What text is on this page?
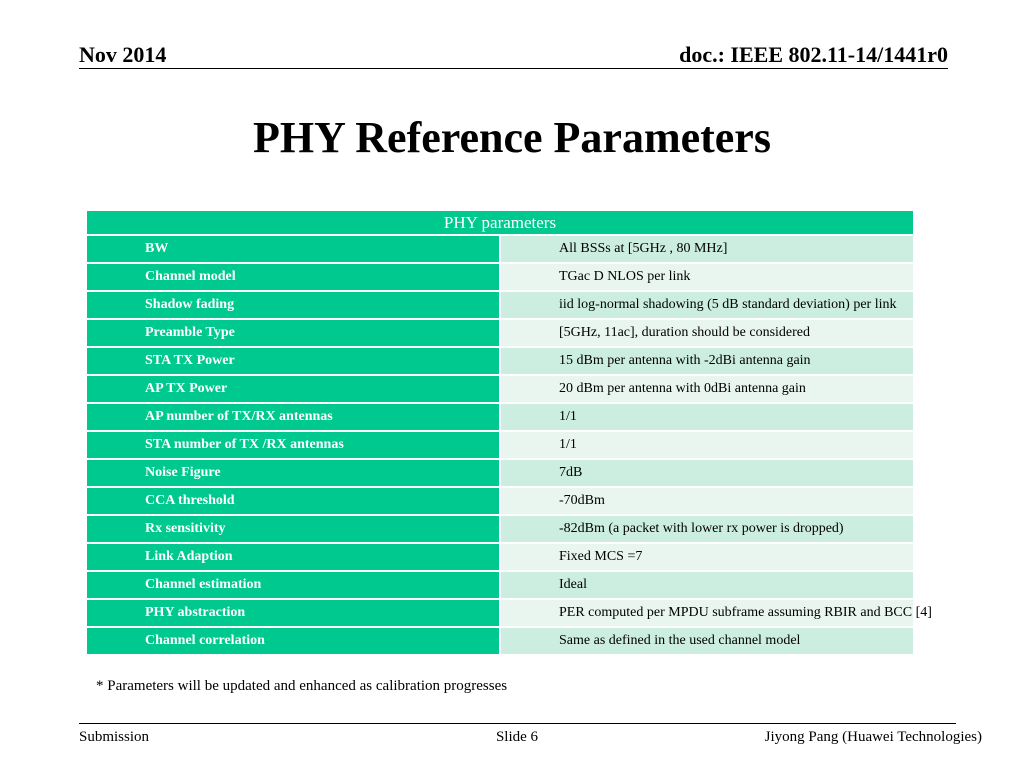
Nov 2014	doc.: IEEE 802.11-14/1441r0
PHY Reference Parameters
PHY parameters	
BW	All BSSs at [5GHz , 80 MHz]
Channel model	TGac D NLOS per link
Shadow fading	iid log-normal shadowing (5 dB standard deviation) per link
Preamble Type	[5GHz, 11ac], duration should be considered
STA TX Power	15 dBm per antenna with -2dBi antenna gain
AP TX Power	20 dBm per antenna with 0dBi antenna gain
AP number of TX/RX antennas	1/1
STA number of TX /RX antennas	1/1
Noise Figure	7dB
CCA threshold	-70dBm
Rx sensitivity	-82dBm (a packet with lower rx power is dropped)
Link Adaption	Fixed MCS =7
Channel estimation	Ideal
PHY abstraction	PER computed per MPDU subframe assuming RBIR and BCC [4]
Channel correlation	Same as defined in the used channel model
* Parameters will be updated and enhanced as calibration progresses
Submission	Slide 6	Jiyong Pang (Huawei Technologies)
